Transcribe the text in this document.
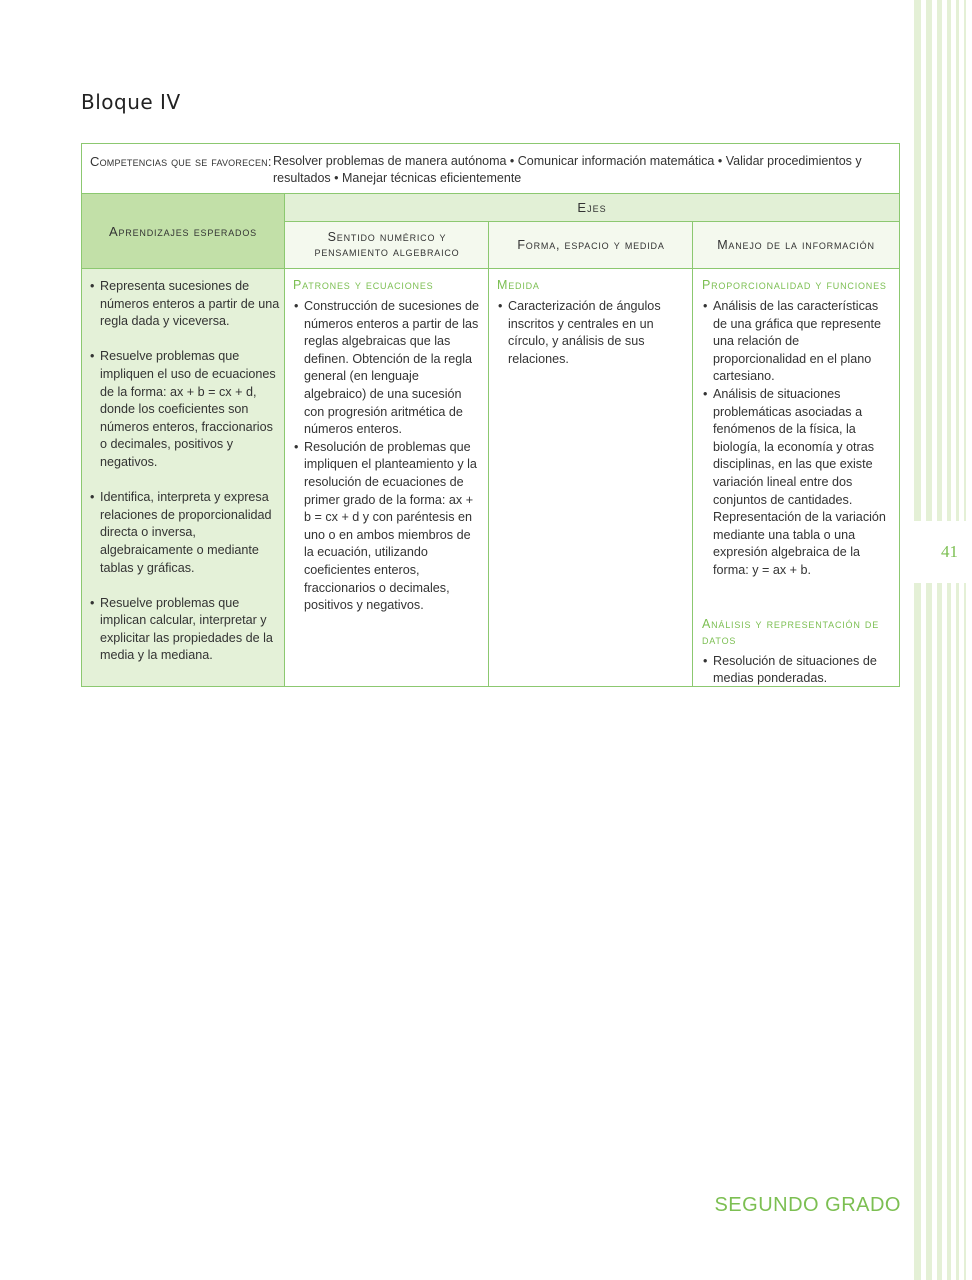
41
Bloque IV
Competencias que se favorecen: Resolver problemas de manera autónoma • Comunicar información matemática • Validar procedimientos y resultados • Manejar técnicas eficientemente
Aprendizajes esperados
Ejes
Sentido numérico y pensamiento algebraico
Forma, espacio y medida	Manejo de la información
• Representa sucesiones de números enteros a partir de una regla dada y viceversa.
• Resuelve problemas que impliquen el uso de ecuaciones de la forma: ax + b = cx + d, donde los coeficientes son números enteros, fraccionarios o decimales, positivos y negativos.
• Identifica, interpreta y expresa relaciones de proporcionalidad directa o inversa, algebraicamente o mediante tablas y gráficas.
• Resuelve problemas que implican calcular, interpretar y explicitar las propiedades de la media y la mediana.
Patrones y ecuaciones
• Construcción de sucesiones de números enteros a partir de las reglas algebraicas que las definen. Obtención de la regla general (en lenguaje algebraico) de una sucesión con progresión aritmética de números enteros.
• Resolución de problemas que impliquen el planteamiento y la resolución de ecuaciones de primer grado de la forma: ax + b = cx + d y con paréntesis en uno o en ambos miembros de la ecuación, utilizando coeficientes enteros, fraccionarios o decimales, positivos y negativos.
Medida
• Caracterización de ángulos inscritos y centrales en un círculo, y análisis de sus relaciones.
Proporcionalidad y funciones
• Análisis de las características de una gráfica que represente una relación de proporcionalidad en el plano cartesiano.
• Análisis de situaciones problemáticas asociadas a fenómenos de la física, la biología, la economía y otras disciplinas, en las que existe variación lineal entre dos conjuntos de cantidades. Representación de la variación mediante una tabla o una expresión algebraica de la forma: y = ax + b.
Análisis y representación de datos
• Resolución de situaciones de medias ponderadas.
SEGUNDO GRADO
